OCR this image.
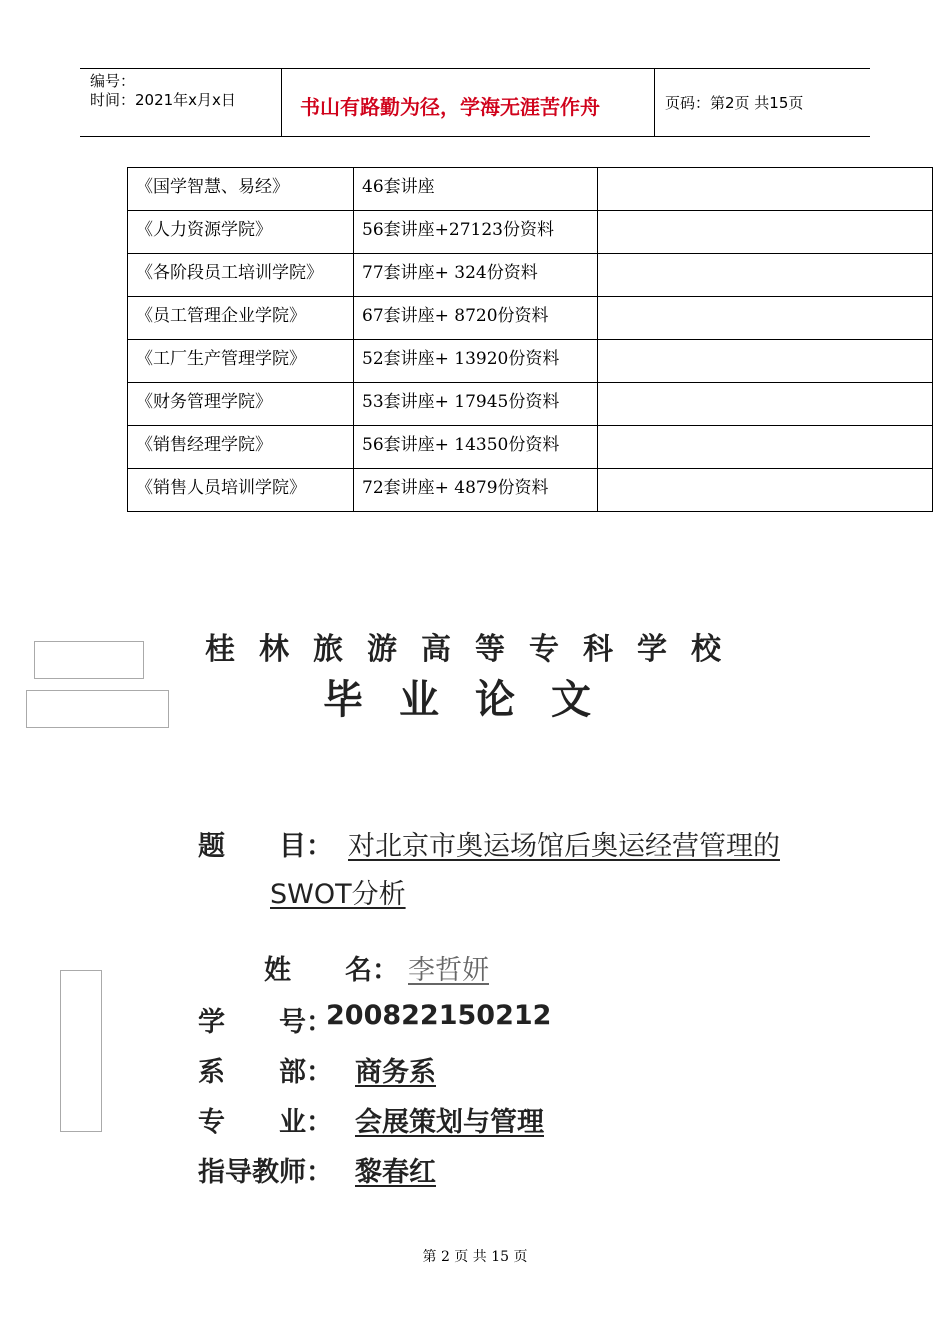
编号：
时间：2021年x月x日	书山有路勤为径，学海无涯苦作舟	页码：第2页 共15页
《国学智慧、易经》	46套讲座	
《人力资源学院》	56套讲座+27123份资料	
《各阶段员工培训学院》	77套讲座+ 324份资料	
《员工管理企业学院》	67套讲座+ 8720份资料	
《工厂生产管理学院》	52套讲座+ 13920份资料	
《财务管理学院》	53套讲座+ 17945份资料	
《销售经理学院》	56套讲座+ 14350份资料	
《销售人员培训学院》	72套讲座+ 4879份资料	
桂林旅游高等专科学校
毕业论文
题　　目： 对北京市奥运场馆后奥运经营管理的
SWOT分析
姓　　名： 李哲妍
学　　号：
200822150212
系　　部： 商务系
专　　业： 会展策划与管理
指导教师： 黎春红
第 2 页 共 15 页
